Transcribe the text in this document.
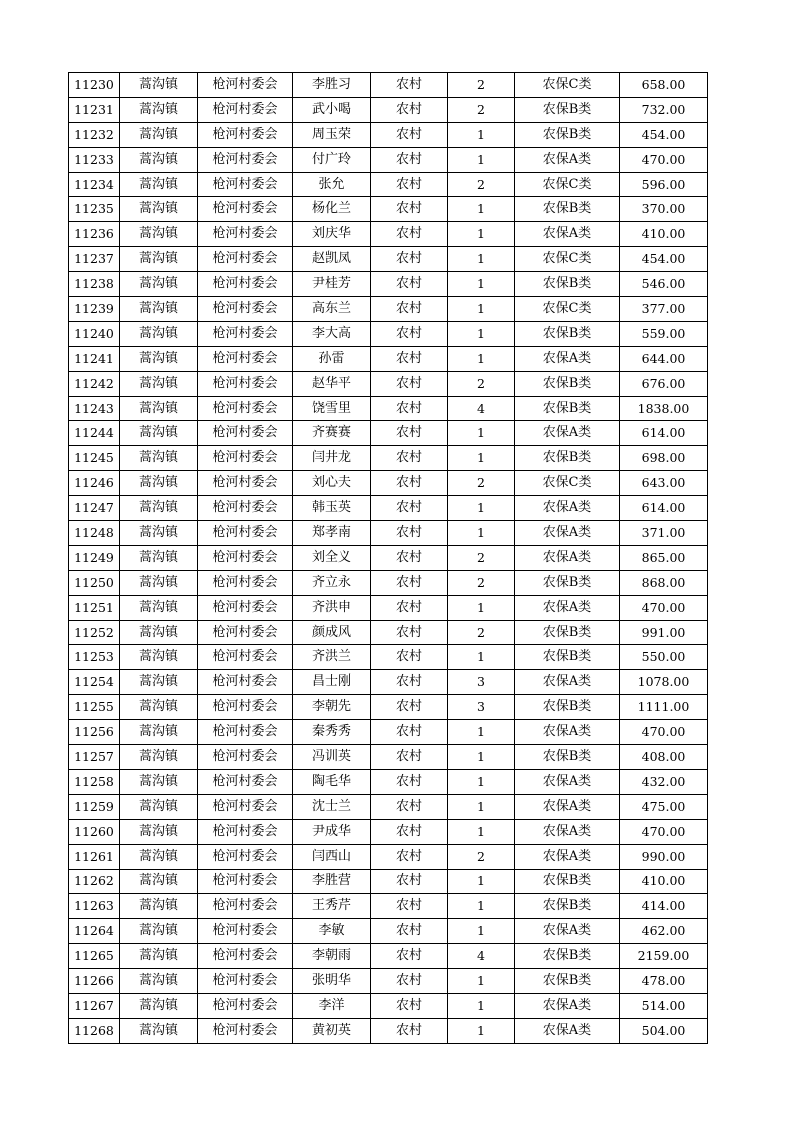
11230	蒿沟镇	枪河村委会	李胜习	农村	2	农保C类	658.00
11231	蒿沟镇	枪河村委会	武小喝	农村	2	农保B类	732.00
11232	蒿沟镇	枪河村委会	周玉荣	农村	1	农保B类	454.00
11233	蒿沟镇	枪河村委会	付广玲	农村	1	农保A类	470.00
11234	蒿沟镇	枪河村委会	张允	农村	2	农保C类	596.00
11235	蒿沟镇	枪河村委会	杨化兰	农村	1	农保B类	370.00
11236	蒿沟镇	枪河村委会	刘庆华	农村	1	农保A类	410.00
11237	蒿沟镇	枪河村委会	赵凯凤	农村	1	农保C类	454.00
11238	蒿沟镇	枪河村委会	尹桂芳	农村	1	农保B类	546.00
11239	蒿沟镇	枪河村委会	高东兰	农村	1	农保C类	377.00
11240	蒿沟镇	枪河村委会	李大高	农村	1	农保B类	559.00
11241	蒿沟镇	枪河村委会	孙雷	农村	1	农保A类	644.00
11242	蒿沟镇	枪河村委会	赵华平	农村	2	农保B类	676.00
11243	蒿沟镇	枪河村委会	饶雪里	农村	4	农保B类	1838.00
11244	蒿沟镇	枪河村委会	齐赛赛	农村	1	农保A类	614.00
11245	蒿沟镇	枪河村委会	闫井龙	农村	1	农保B类	698.00
11246	蒿沟镇	枪河村委会	刘心夫	农村	2	农保C类	643.00
11247	蒿沟镇	枪河村委会	韩玉英	农村	1	农保A类	614.00
11248	蒿沟镇	枪河村委会	郑孝南	农村	1	农保A类	371.00
11249	蒿沟镇	枪河村委会	刘全义	农村	2	农保A类	865.00
11250	蒿沟镇	枪河村委会	齐立永	农村	2	农保B类	868.00
11251	蒿沟镇	枪河村委会	齐洪申	农村	1	农保A类	470.00
11252	蒿沟镇	枪河村委会	颜成风	农村	2	农保B类	991.00
11253	蒿沟镇	枪河村委会	齐洪兰	农村	1	农保B类	550.00
11254	蒿沟镇	枪河村委会	昌士刚	农村	3	农保A类	1078.00
11255	蒿沟镇	枪河村委会	李朝先	农村	3	农保B类	1111.00
11256	蒿沟镇	枪河村委会	秦秀秀	农村	1	农保A类	470.00
11257	蒿沟镇	枪河村委会	冯训英	农村	1	农保B类	408.00
11258	蒿沟镇	枪河村委会	陶毛华	农村	1	农保A类	432.00
11259	蒿沟镇	枪河村委会	沈士兰	农村	1	农保A类	475.00
11260	蒿沟镇	枪河村委会	尹成华	农村	1	农保A类	470.00
11261	蒿沟镇	枪河村委会	闫西山	农村	2	农保A类	990.00
11262	蒿沟镇	枪河村委会	李胜营	农村	1	农保B类	410.00
11263	蒿沟镇	枪河村委会	王秀芹	农村	1	农保B类	414.00
11264	蒿沟镇	枪河村委会	李敏	农村	1	农保A类	462.00
11265	蒿沟镇	枪河村委会	李朝雨	农村	4	农保B类	2159.00
11266	蒿沟镇	枪河村委会	张明华	农村	1	农保B类	478.00
11267	蒿沟镇	枪河村委会	李洋	农村	1	农保A类	514.00
11268	蒿沟镇	枪河村委会	黄初英	农村	1	农保A类	504.00
